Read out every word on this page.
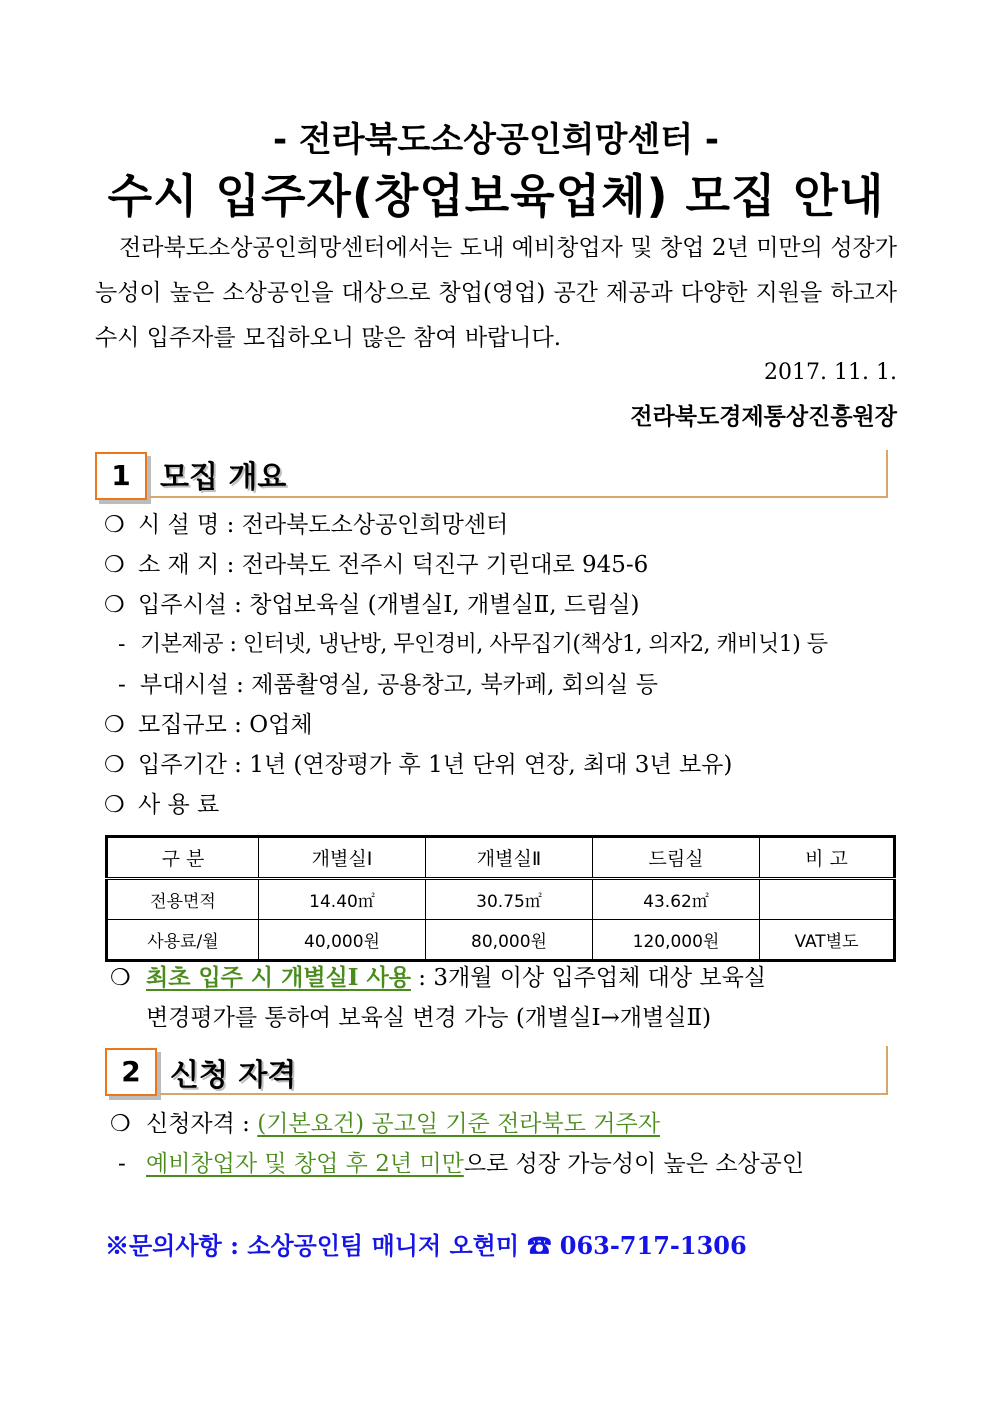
- 전라북도소상공인희망센터 -
수시 입주자(창업보육업체) 모집 안내
전라북도소상공인희망센터에서는 도내 예비창업자 및 창업 2년 미만의 성장가능성이 높은 소상공인을 대상으로 창업(영업) 공간 제공과 다양한 지원을 하고자 수시 입주자를 모집하오니 많은 참여 바랍니다.
2017. 11. 1.
전라북도경제통상진흥원장
1 모집 개요
❍ 시 설 명 : 전라북도소상공인희망센터
❍ 소 재 지 : 전라북도 전주시 덕진구 기린대로 945-6
❍ 입주시설 : 창업보육실 (개별실Ⅰ, 개별실Ⅱ, 드림실)
- 기본제공 : 인터넷, 냉난방, 무인경비, 사무집기(책상1, 의자2, 캐비닛1) 등
- 부대시설 : 제품촬영실, 공용창고, 북카페, 회의실 등
❍ 모집규모 : O업체
❍ 입주기간 : 1년 (연장평가 후 1년 단위 연장, 최대 3년 보유)
❍ 사 용 료
구 분	개별실Ⅰ	개별실Ⅱ	드림실	비 고
전용면적	14.40㎡	30.75㎡	43.62㎡	
사용료/월	40,000원	80,000원	120,000원	VAT별도
❍ 최초 입주 시 개별실Ⅰ 사용 : 3개월 이상 입주업체 대상 보육실
변경평가를 통하여 보육실 변경 가능 (개별실Ⅰ→개별실Ⅱ)
2 신청 자격
❍ 신청자격 : (기본요건) 공고일 기준 전라북도 거주자
- 예비창업자 및 창업 후 2년 미만으로 성장 가능성이 높은 소상공인
※문의사항 : 소상공인팀 매니저 오현미 ☎ 063-717-1306
